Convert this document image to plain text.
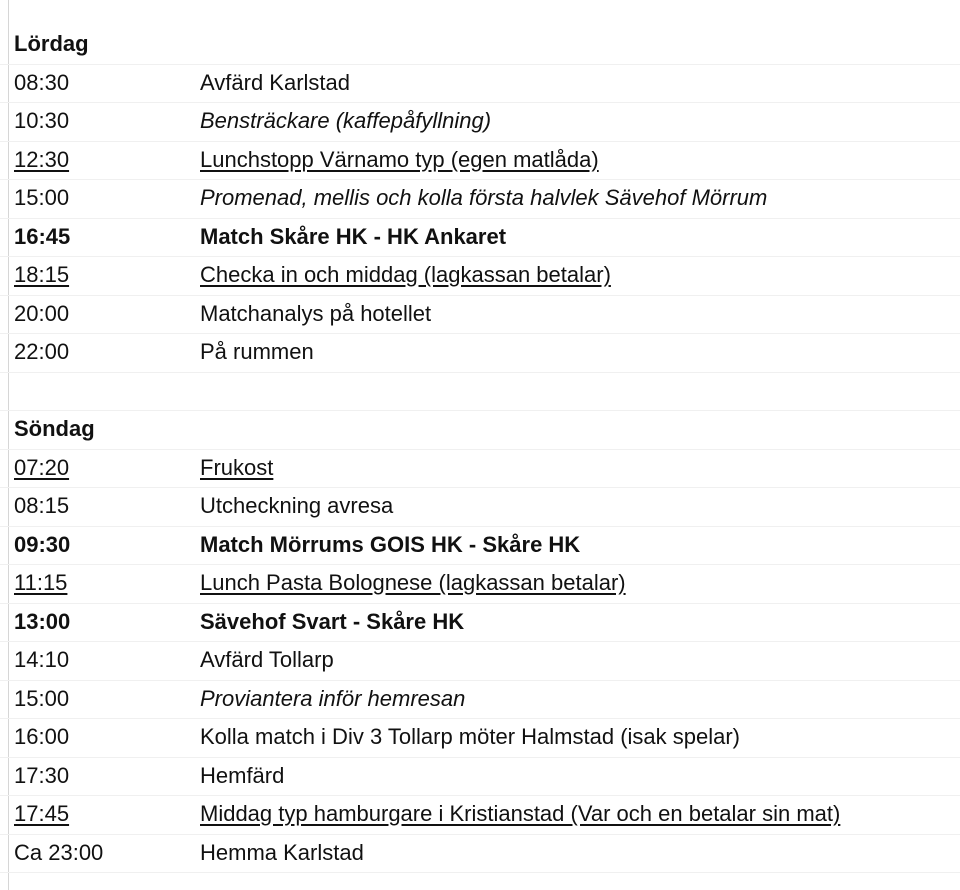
Lördag
08:30	Avfärd Karlstad
10:30	Bensträckare (kaffepåfyllning)
12:30	Lunchstopp Värnamo typ (egen matlåda)
15:00	Promenad, mellis och kolla första halvlek Sävehof Mörrum
16:45	Match Skåre HK - HK Ankaret
18:15	Checka in och middag (lagkassan betalar)
20:00	Matchanalys på hotellet
22:00	På rummen
Söndag
07:20	Frukost
08:15	Utcheckning avresa
09:30	Match Mörrums GOIS HK - Skåre HK
11:15	Lunch Pasta Bolognese (lagkassan betalar)
13:00	Sävehof Svart - Skåre HK
14:10	Avfärd Tollarp
15:00	Proviantera inför hemresan
16:00	Kolla match i Div 3 Tollarp möter Halmstad (isak spelar)
17:30	Hemfärd
17:45	Middag typ hamburgare i Kristianstad (Var och en betalar sin mat)
Ca 23:00	Hemma Karlstad
